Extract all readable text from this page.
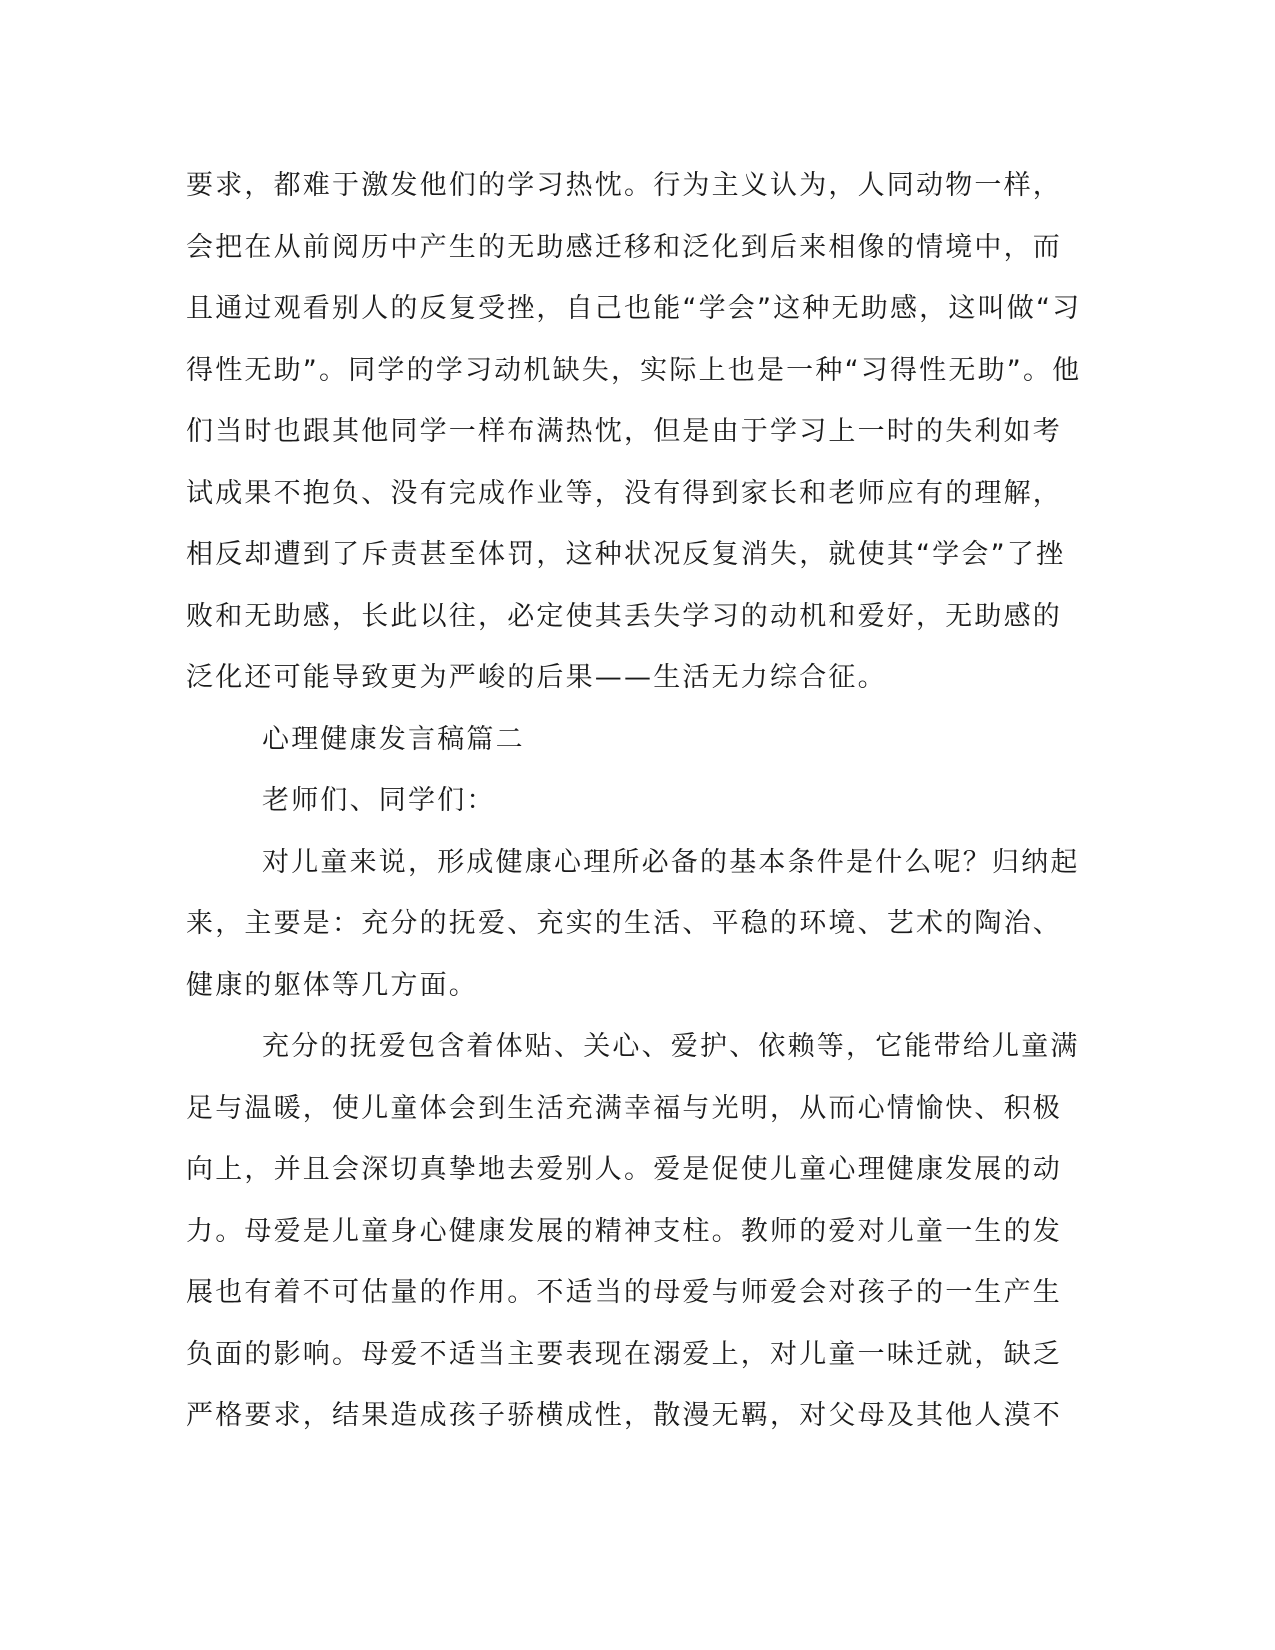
要求，都难于激发他们的学习热忱。行为主义认为，人同动物一样，
会把在从前阅历中产生的无助感迁移和泛化到后来相像的情境中，而
且通过观看别人的反复受挫，自己也能“学会”这种无助感，这叫做“习
得性无助”。同学的学习动机缺失，实际上也是一种“习得性无助”。他
们当时也跟其他同学一样布满热忱，但是由于学习上一时的失利如考
试成果不抱负、没有完成作业等，没有得到家长和老师应有的理解，
相反却遭到了斥责甚至体罚，这种状况反复消失，就使其“学会”了挫
败和无助感，长此以往，必定使其丢失学习的动机和爱好，无助感的
泛化还可能导致更为严峻的后果——生活无力综合征。
心理健康发言稿篇二
老师们、同学们：
对儿童来说，形成健康心理所必备的基本条件是什么呢？归纳起
来，主要是：充分的抚爱、充实的生活、平稳的环境、艺术的陶治、
健康的躯体等几方面。
充分的抚爱包含着体贴、关心、爱护、依赖等，它能带给儿童满
足与温暖，使儿童体会到生活充满幸福与光明，从而心情愉快、积极
向上，并且会深切真挚地去爱别人。爱是促使儿童心理健康发展的动
力。母爱是儿童身心健康发展的精神支柱。教师的爱对儿童一生的发
展也有着不可估量的作用。不适当的母爱与师爱会对孩子的一生产生
负面的影响。母爱不适当主要表现在溺爱上，对儿童一味迁就，缺乏
严格要求，结果造成孩子骄横成性，散漫无羁，对父母及其他人漠不
